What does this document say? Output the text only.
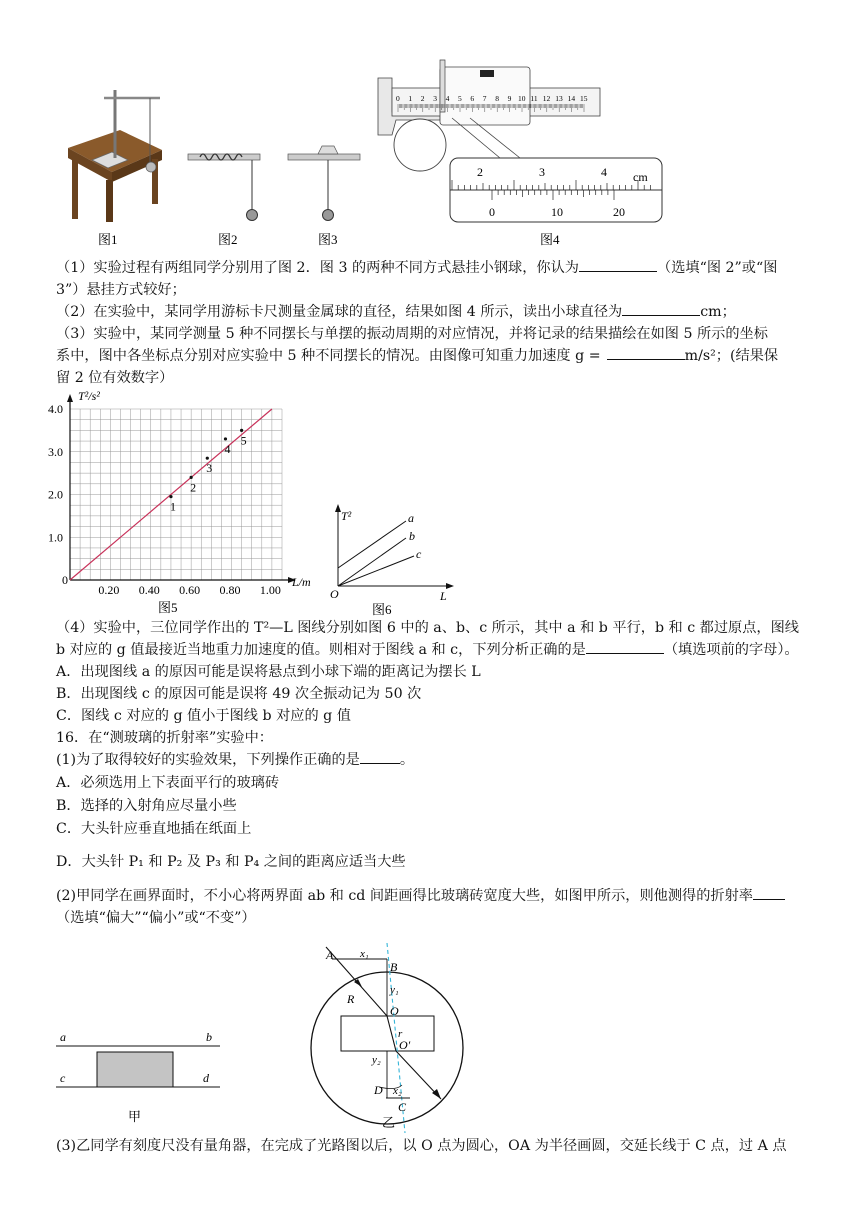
0 1 2 3 4 5 6 7 8 9 10 11 12 13 14 15
2	3	4 cm
0	10	20
图1	图2	图3	图4
（1）实验过程有两组同学分别用了图 2．图 3 的两种不同方式悬挂小钢球，你认为	（选填“图 2”或“图
3”）悬挂方式较好；
（2）在实验中，某同学用游标卡尺测量金属球的直径，结果如图 4 所示，读出小球直径为	cm；
（3）实验中，某同学测量 5 种不同摆长与单摆的振动周期的对应情况，并将记录的结果描绘在如图 5 所示的坐标
系中，图中各坐标点分别对应实验中 5 种不同摆长的情况。由图像可知重力加速度 g =	m/s²；(结果保
留 2 位有效数字）
1
2
3
4
5
T²/s²
L/m
0
0.20 0.40 0.60 0.80 1.00
1.0
2.0
3.0
4.0
图5
T²
O	L
a
b
c
图6
（4）实验中，三位同学作出的 T²—L 图线分别如图 6 中的 a、b、c 所示，其中 a 和 b 平行，b 和 c 都过原点，图线
b 对应的 g 值最接近当地重力加速度的值。则相对于图线 a 和 c，下列分析正确的是	（填选项前的字母）。
A．出现图线 a 的原因可能是误将悬点到小球下端的距离记为摆长 L
B．出现图线 c 的原因可能是误将 49 次全振动记为 50 次
C．图线 c 对应的 g 值小于图线 b 对应的 g 值
16．在“测玻璃的折射率”实验中：
(1)为了取得较好的实验效果，下列操作正确的是	。
A．必须选用上下表面平行的玻璃砖
B．选择的入射角应尽量小些
C．大头针应垂直地插在纸面上
D．大头针 P₁ 和 P₂ 及 P₃ 和 P₄ 之间的距离应适当大些
(2)甲同学在画界面时，不小心将两界面 ab 和 cd 间距画得比玻璃砖宽度大些，如图甲所示，则他测得的折射率
（选填“偏大”“偏小”或“不变”）
a	b
c	d
甲
A x₁
B
y₁
R
O
r
O′
y₂
D x₂
C
乙
(3)乙同学有刻度尺没有量角器，在完成了光路图以后，以 O 点为圆心，OA 为半径画圆，交延长线于 C 点，过 A 点
